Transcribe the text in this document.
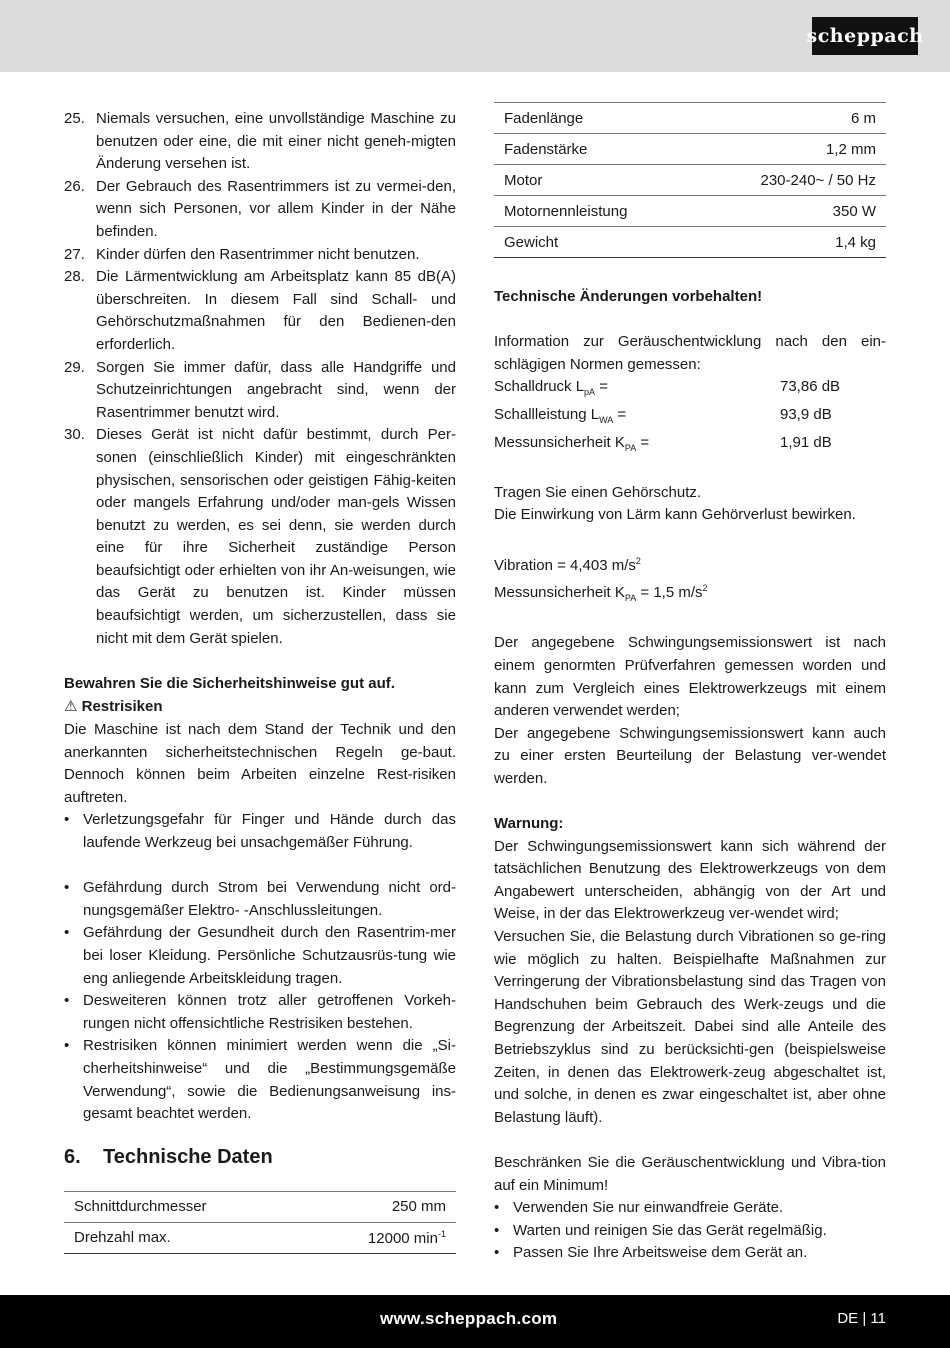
scheppach
25. Niemals versuchen, eine unvollständige Maschine zu benutzen oder eine, die mit einer nicht geneh-migten Änderung versehen ist.
26. Der Gebrauch des Rasentrimmers ist zu vermei-den, wenn sich Personen, vor allem Kinder in der Nähe befinden.
27. Kinder dürfen den Rasentrimmer nicht benutzen.
28. Die Lärmentwicklung am Arbeitsplatz kann 85 dB(A) überschreiten. In diesem Fall sind Schall- und Gehörschutzmaßnahmen für den Bedienen-den erforderlich.
29. Sorgen Sie immer dafür, dass alle Handgriffe und Schutzeinrichtungen angebracht sind, wenn der Rasentrimmer benutzt wird.
30. Dieses Gerät ist nicht dafür bestimmt, durch Per-sonen (einschließlich Kinder) mit eingeschränkten physischen, sensorischen oder geistigen Fähig-keiten oder mangels Erfahrung und/oder man-gels Wissen benutzt zu werden, es sei denn, sie werden durch eine für ihre Sicherheit zuständige Person beaufsichtigt oder erhielten von ihr An-weisungen, wie das Gerät zu benutzen ist. Kinder müssen beaufsichtigt werden, um sicherzustellen, dass sie nicht mit dem Gerät spielen.
Bewahren Sie die Sicherheitshinweise gut auf.
⚠ Restrisiken
Die Maschine ist nach dem Stand der Technik und den anerkannten sicherheitstechnischen Regeln ge-baut. Dennoch können beim Arbeiten einzelne Rest-risiken auftreten.
• Verletzungsgefahr für Finger und Hände durch das laufende Werkzeug bei unsachgemäßer Führung.
• Gefährdung durch Strom bei Verwendung nicht ord-nungsgemäßer Elektro- -Anschlussleitungen.
• Gefährdung der Gesundheit durch den Rasentrim-mer bei loser Kleidung. Persönliche Schutzausrüs-tung wie eng anliegende Arbeitskleidung tragen.
• Desweiteren können trotz aller getroffenen Vorkeh-rungen nicht offensichtliche Restrisiken bestehen.
• Restrisiken können minimiert werden wenn die „Si-cherheitshinweise“ und die „Bestimmungsgemäße Verwendung“, sowie die Bedienungsanweisung ins-gesamt beachtet werden.
6.	Technische Daten
Schnittdurchmesser	250 mm
Drehzahl max.	12000 $\min^{-1}$
Fadenlänge	6 m
Fadenstärke	1,2 mm
Motor	230-240~ / 50 Hz
Motornennleistung	350 W
Gewicht	1,4 kg
Technische Änderungen vorbehalten!
Information zur Geräuschentwicklung nach den ein-schlägigen Normen gemessen:
Schalldruck $L_{pA}$ =	73,86 dB
Schallleistung $L_{WA}$ =	93,9 dB
Messunsicherheit $K_{PA}$ =	1,91 dB
Tragen Sie einen Gehörschutz.
Die Einwirkung von Lärm kann Gehörverlust bewirken.
Vibration = 4,403 $m/s^2$
Messunsicherheit $K_{PA} = 1,5$ $m/s^2$
Der angegebene Schwingungsemissionswert ist nach einem genormten Prüfverfahren gemessen worden und kann zum Vergleich eines Elektrowerkzeugs mit einem anderen verwendet werden;
Der angegebene Schwingungsemissionswert kann auch zu einer ersten Beurteilung der Belastung ver-wendet werden.
Warnung:
Der Schwingungsemissionswert kann sich während der tatsächlichen Benutzung des Elektrowerkzeugs von dem Angabewert unterscheiden, abhängig von der Art und Weise, in der das Elektrowerkzeug ver-wendet wird;
Versuchen Sie, die Belastung durch Vibrationen so ge-ring wie möglich zu halten. Beispielhafte Maßnahmen zur Verringerung der Vibrationsbelastung sind das Tragen von Handschuhen beim Gebrauch des Werk-zeugs und die Begrenzung der Arbeitszeit. Dabei sind alle Anteile des Betriebszyklus sind zu berücksichti-gen (beispielsweise Zeiten, in denen das Elektrowerk-zeug abgeschaltet ist, und solche, in denen es zwar eingeschaltet ist, aber ohne Belastung läuft).
Beschränken Sie die Geräuschentwicklung und Vibra-tion auf ein Minimum!
• Verwenden Sie nur einwandfreie Geräte.
• Warten und reinigen Sie das Gerät regelmäßig.
• Passen Sie Ihre Arbeitsweise dem Gerät an.
www.scheppach.com	DE | 11
